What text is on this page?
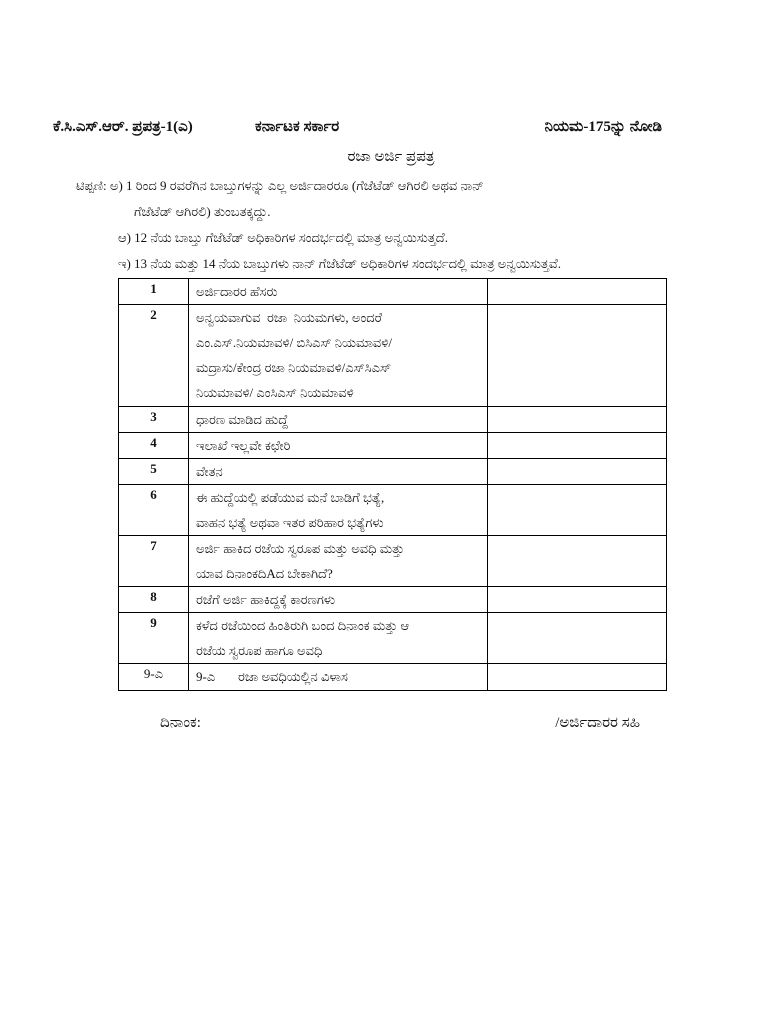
ಕೆ.ಸಿ.ಎಸ್.ಆರ್. ಪ್ರಪತ್ರ-1(ಎ)	ಕರ್ನಾಟಕ ಸರ್ಕಾರ	ನಿಯಮ-175ನ್ನು ನೋಡಿ
ರಜಾ ಅರ್ಜಿ ಪ್ರಪತ್ರ
ಟಿಪ್ಪಣಿ: ಅ) 1 ರಿಂದ 9 ರವರೆಗಿನ ಬಾಬ್ತುಗಳನ್ನು ಎಲ್ಲ ಅರ್ಜಿದಾರರೂ (ಗೆಜೆಟೆಡ್ ಆಗಿರಲಿ ಅಥವ ನಾನ್
ಗೆಜೆಟೆಡ್ ಆಗಿರಲಿ) ತುಂಬತಕ್ಕದ್ದು.
ಆ) 12 ನೆಯ ಬಾಬ್ತು ಗೆಜೆಟೆಡ್ ಅಧಿಕಾರಿಗಳ ಸಂದರ್ಭದಲ್ಲಿ ಮಾತ್ರ ಅನ್ವಯಿಸುತ್ತದೆ.
ಇ) 13 ನೆಯ ಮತ್ತು 14 ನೆಯ ಬಾಬ್ತುಗಳು ನಾನ್ ಗೆಜೆಟೆಡ್ ಅಧಿಕಾರಿಗಳ ಸಂದರ್ಭದಲ್ಲಿ ಮಾತ್ರ ಅನ್ವಯಿಸುತ್ತವೆ.
1	ಅರ್ಜಿದಾರರ ಹೆಸರು	

2	ಅನ್ವಯವಾಗುವ  ರಜಾ  ನಿಯಮಗಳು, ಅಂದರೆ
ಎಂ.ಎಸ್.ನಿಯಮಾವಳಿ/ ಬಿಸಿಎಸ್ ನಿಯಮಾವಳಿ/
ಮದ್ರಾಸು/ಕೇಂದ್ರ ರಜಾ ನಿಯಮಾವಳಿ/ಎಸ್‌ಸಿಎಸ್
ನಿಯಮಾವಳಿ/ ಎಂಸಿಎಸ್ ನಿಯಮಾವಳಿ	

3	ಧಾರಣ ಮಾಡಿದ ಹುದ್ದೆ	

4	ಇಲಾಖೆ ಇಲ್ಲವೇ ಕಛೇರಿ	

5	ವೇತನ	

6	ಈ ಹುದ್ದೆಯಲ್ಲಿ ಪಡೆಯುವ ಮನೆ ಬಾಡಿಗೆ ಭತ್ಯೆ,
ವಾಹನ ಭತ್ಯೆ ಅಥವಾ ಇತರ ಪರಿಹಾರ ಭತ್ಯೆಗಳು	

7	ಅರ್ಜಿ ಹಾಕಿದ ರಜೆಯ ಸ್ವರೂಪ ಮತ್ತು ಅವಧಿ ಮತ್ತು
ಯಾವ ದಿನಾಂಕದಿAದ ಬೇಕಾಗಿದೆ?	

8	ರಜೆಗೆ ಅರ್ಜಿ ಹಾಕಿದ್ದಕ್ಕೆ ಕಾರಣಗಳು	

9	ಕಳೆದ ರಜೆಯಿಂದ ಹಿಂತಿರುಗಿ ಬಂದ ದಿನಾಂಕ ಮತ್ತು ಆ
ರಜೆಯ ಸ್ವರೂಪ ಹಾಗೂ ಅವಧಿ	

9-ಎ	9-ಎ ರಜಾ ಅವಧಿಯಲ್ಲಿನ ವಿಳಾಸ	

ದಿನಾಂಕ:	/ಅರ್ಜಿದಾರರ ಸಹಿ
